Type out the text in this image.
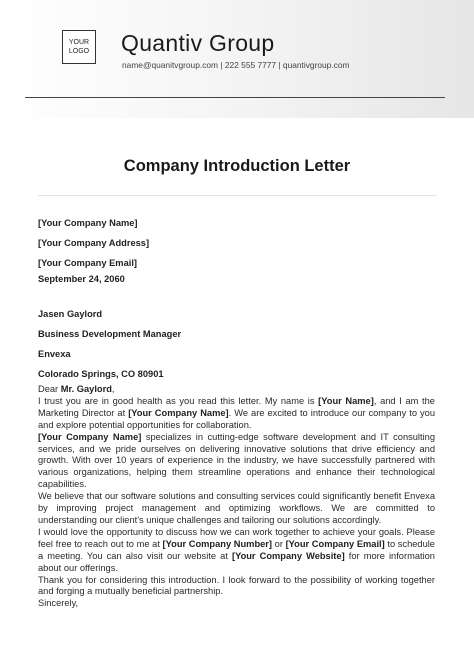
YOUR
LOGO Quantiv Group
name@quanitvgroup.com | 222 555 7777 | quantivgroup.com
Company Introduction Letter
[Your Company Name]
[Your Company Address]
[Your Company Email]
September 24, 2060
Jasen Gaylord
Business Development Manager
Envexa
Colorado Springs, CO 80901

Dear Mr. Gaylord,

I trust you are in good health as you read this letter. My name is [Your Name], and I am the Marketing Director at [Your Company Name]. We are excited to introduce our company to you and explore potential opportunities for collaboration.

[Your Company Name] specializes in cutting-edge software development and IT consulting services, and we pride ourselves on delivering innovative solutions that drive efficiency and growth. With over 10 years of experience in the industry, we have successfully partnered with various organizations, helping them streamline operations and enhance their technological capabilities.

We believe that our software solutions and consulting services could significantly benefit Envexa by improving project management and optimizing workflows. We are committed to understanding our client's unique challenges and tailoring our solutions accordingly.

I would love the opportunity to discuss how we can work together to achieve your goals. Please feel free to reach out to me at [Your Company Number] or [Your Company Email] to schedule a meeting. You can also visit our website at [Your Company Website] for more information about our offerings.

Thank you for considering this introduction. I look forward to the possibility of working together and forging a mutually beneficial partnership.

Sincerely,
